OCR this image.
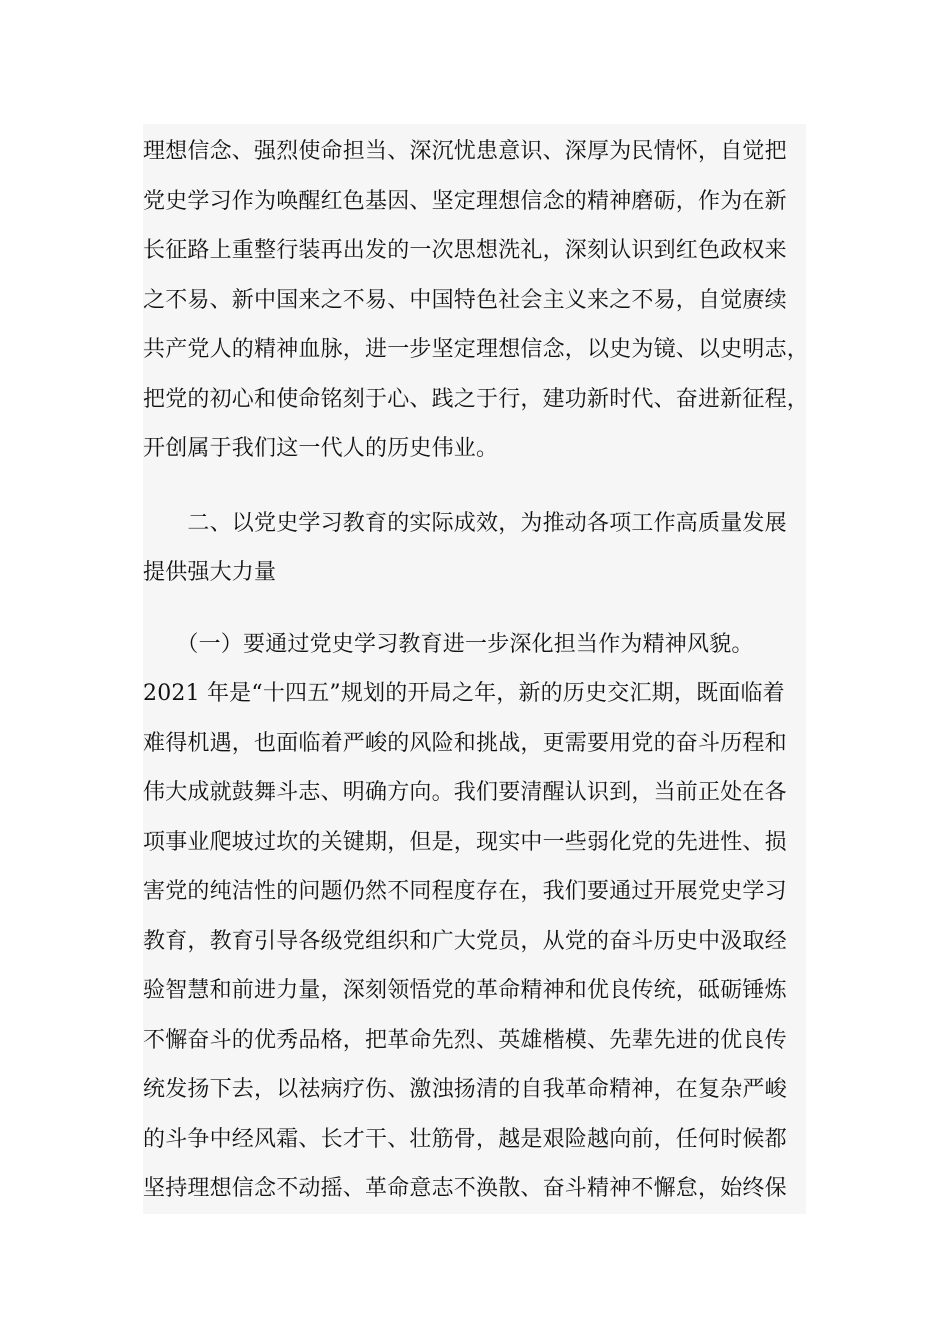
理想信念、强烈使命担当、深沉忧患意识、深厚为民情怀，自觉把
党史学习作为唤醒红色基因、坚定理想信念的精神磨砺，作为在新
长征路上重整行装再出发的一次思想洗礼，深刻认识到红色政权来
之不易、新中国来之不易、中国特色社会主义来之不易，自觉赓续
共产党人的精神血脉，进一步坚定理想信念，以史为镜、以史明志，
把党的初心和使命铭刻于心、践之于行，建功新时代、奋进新征程，
开创属于我们这一代人的历史伟业。
　　二、以党史学习教育的实际成效，为推动各项工作高质量发展
提供强大力量
　　（一）要通过党史学习教育进一步深化担当作为精神风貌。
2021 年是“十四五”规划的开局之年，新的历史交汇期，既面临着
难得机遇，也面临着严峻的风险和挑战，更需要用党的奋斗历程和
伟大成就鼓舞斗志、明确方向。我们要清醒认识到，当前正处在各
项事业爬坡过坎的关键期，但是，现实中一些弱化党的先进性、损
害党的纯洁性的问题仍然不同程度存在，我们要通过开展党史学习
教育，教育引导各级党组织和广大党员，从党的奋斗历史中汲取经
验智慧和前进力量，深刻领悟党的革命精神和优良传统，砥砺锤炼
不懈奋斗的优秀品格，把革命先烈、英雄楷模、先辈先进的优良传
统发扬下去，以祛病疗伤、激浊扬清的自我革命精神，在复杂严峻
的斗争中经风霜、长才干、壮筋骨，越是艰险越向前，任何时候都
坚持理想信念不动摇、革命意志不涣散、奋斗精神不懈怠，始终保
